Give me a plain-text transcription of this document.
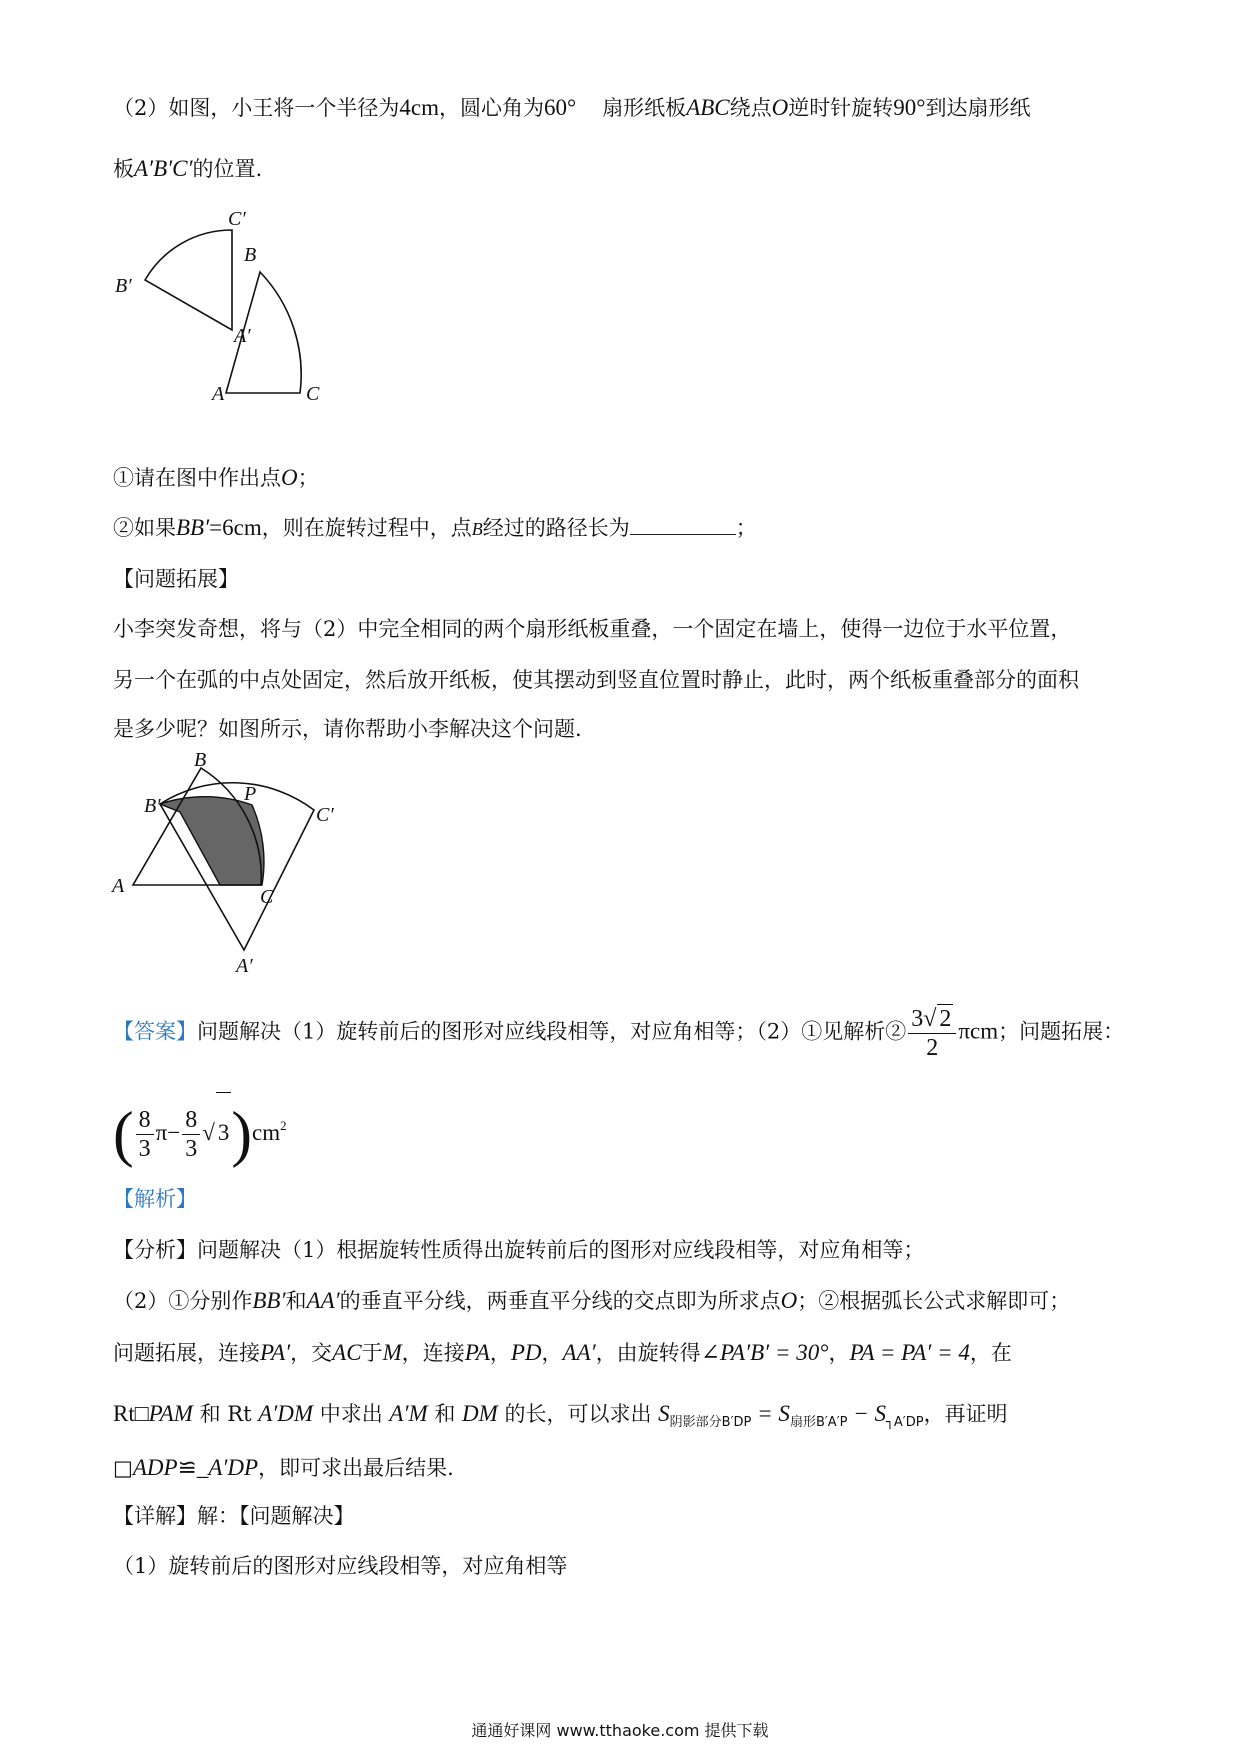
（2）如图，小王将一个半径为4cm，圆心角为60° 扇形纸板ABC绕点O逆时针旋转90°到达扇形纸
板A′B′C′的位置.
C′
B′
B
A′
A	C
①请在图中作出点O；
②如果BB′=6cm，则在旋转过程中，点B经过的路径长为	；
【问题拓展】
小李突发奇想，将与（2）中完全相同的两个扇形纸板重叠，一个固定在墙上，使得一边位于水平位置，
另一个在弧的中点处固定，然后放开纸板，使其摆动到竖直位置时静止，此时，两个纸板重叠部分的面积
是多少呢？如图所示，请你帮助小李解决这个问题.
B
P
B′	C′
A	C
A′
【答案】问题解决（1）旋转前后的图形对应线段相等，对应角相等；（2）①见解析② $\frac{3√ 2}{2}$ πcm；问题拓展：
( $\frac{8}{3} \pi- \frac{8}{3}$ √ $3)cm^2$
【解析】
【分析】问题解决（1）根据旋转性质得出旋转前后的图形对应线段相等，对应角相等；
（2）①分别作BB′和AA′的垂直平分线，两垂直平分线的交点即为所求点O；②根据弧长公式求解即可；
问题拓展，连接PA′，交AC于M，连接PA，PD，AA′，由旋转得∠PA′B′ = 30°，PA = PA′ = 4，在
Rt□PAM 和 Rt A′DM 中求出 A′M 和 DM 的长，可以求出 $S_{阴影部分B'DP} = S_{扇形B'A'P} - S_{┐A'DP}$，再证明
□ADP≌_A′DP，即可求出最后结果.
【详解】解：【问题解决】
（1）旋转前后的图形对应线段相等，对应角相等
通通好课网 www.tthaoke.com 提供下载
